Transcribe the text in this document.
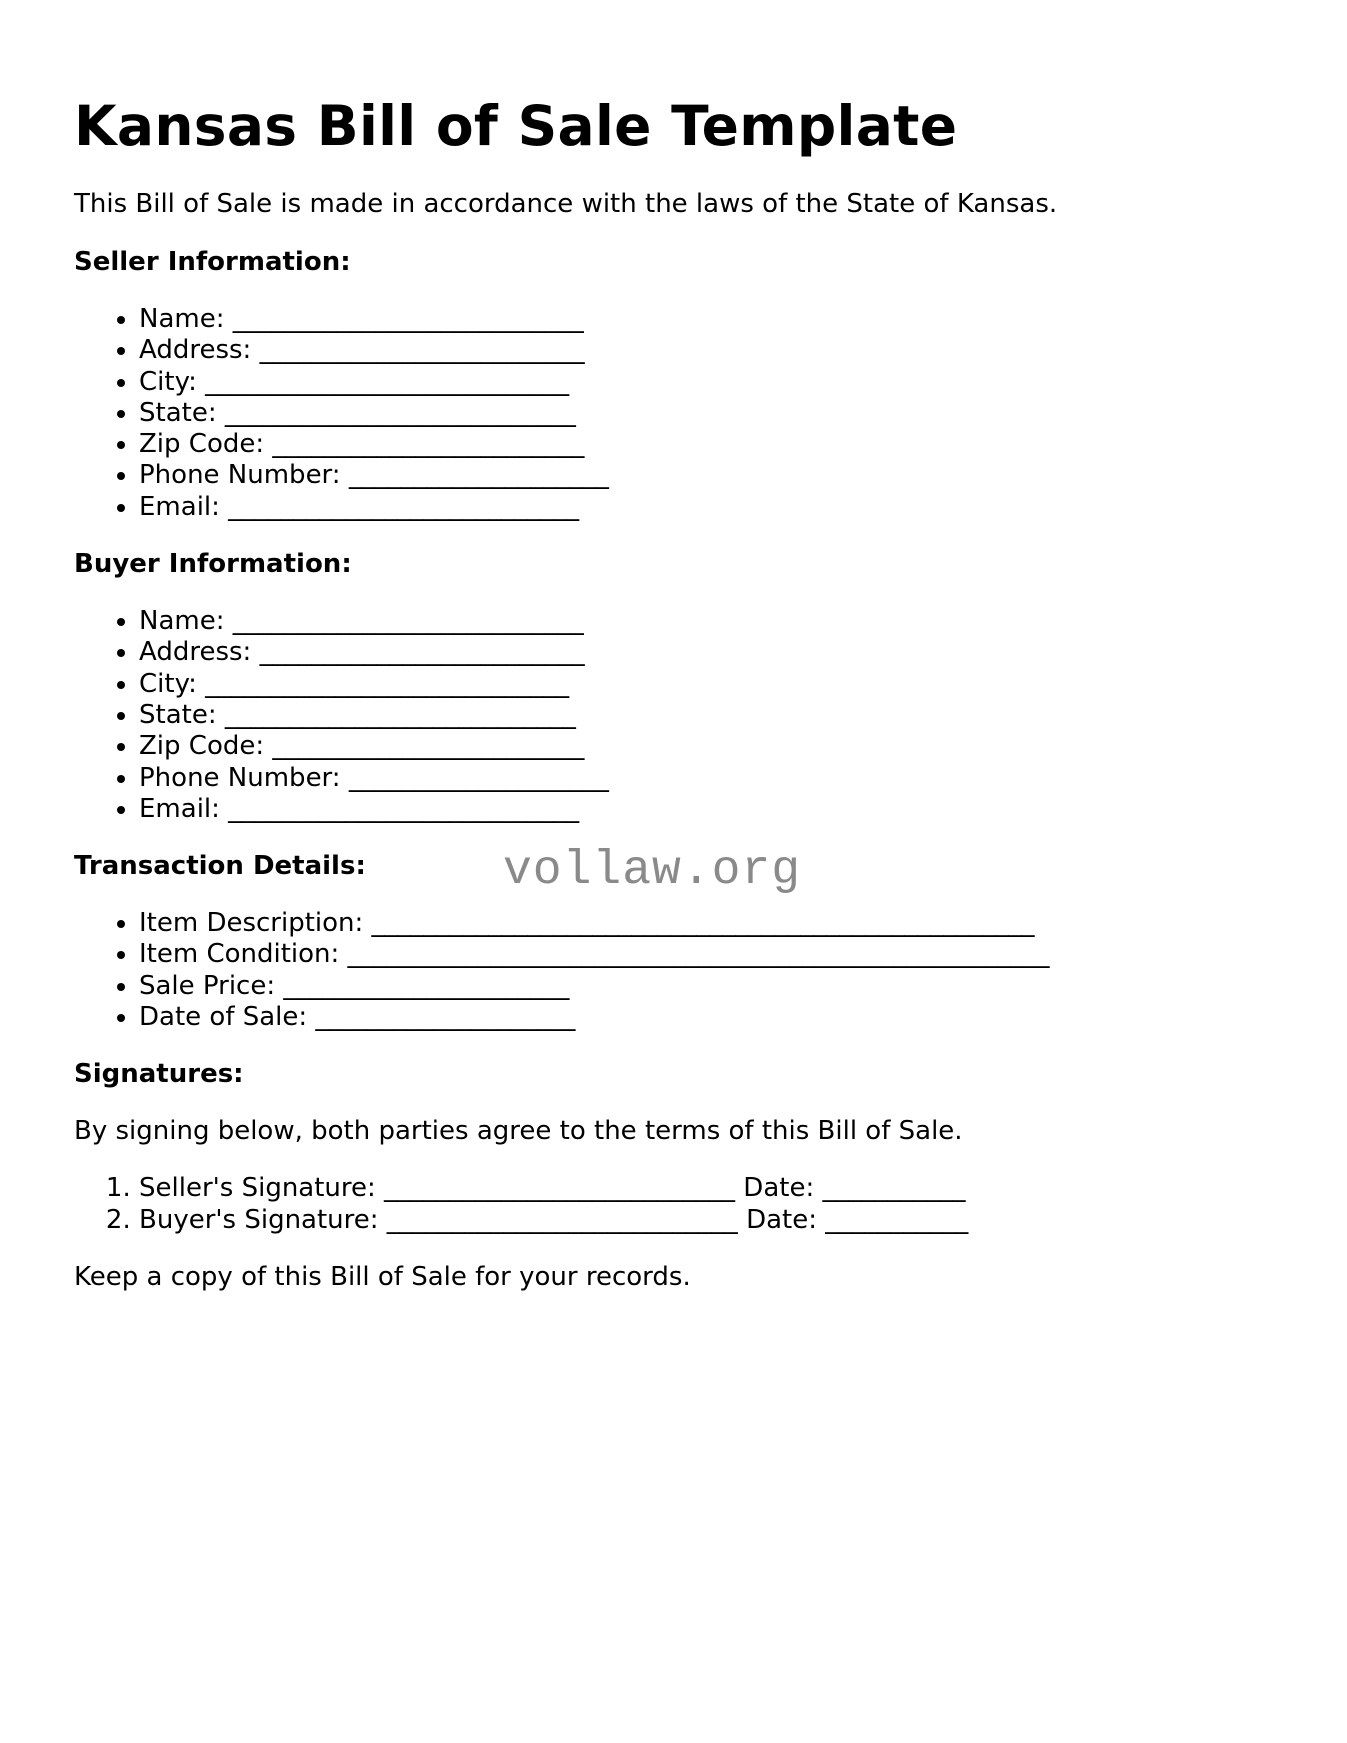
Kansas Bill of Sale Template

This Bill of Sale is made in accordance with the laws of the State of Kansas.

Seller Information:
• Name: ___________________________
• Address: _________________________
• City: ____________________________
• State: ___________________________
• Zip Code: ________________________
• Phone Number: ____________________
• Email: ___________________________
Buyer Information:
• Name: ___________________________
• Address: _________________________
• City: ____________________________
• State: ___________________________
• Zip Code: ________________________
• Phone Number: ____________________
• Email: ___________________________
Transaction Details:
• Item Description: ___________________________________________________
• Item Condition: ______________________________________________________
• Sale Price: ______________________
• Date of Sale: ____________________
Signatures:

By signing below, both parties agree to the terms of this Bill of Sale.

1. Seller's Signature: ___________________________ Date: ___________
2. Buyer's Signature: ___________________________ Date: ___________

Keep a copy of this Bill of Sale for your records.

vollaw.org
